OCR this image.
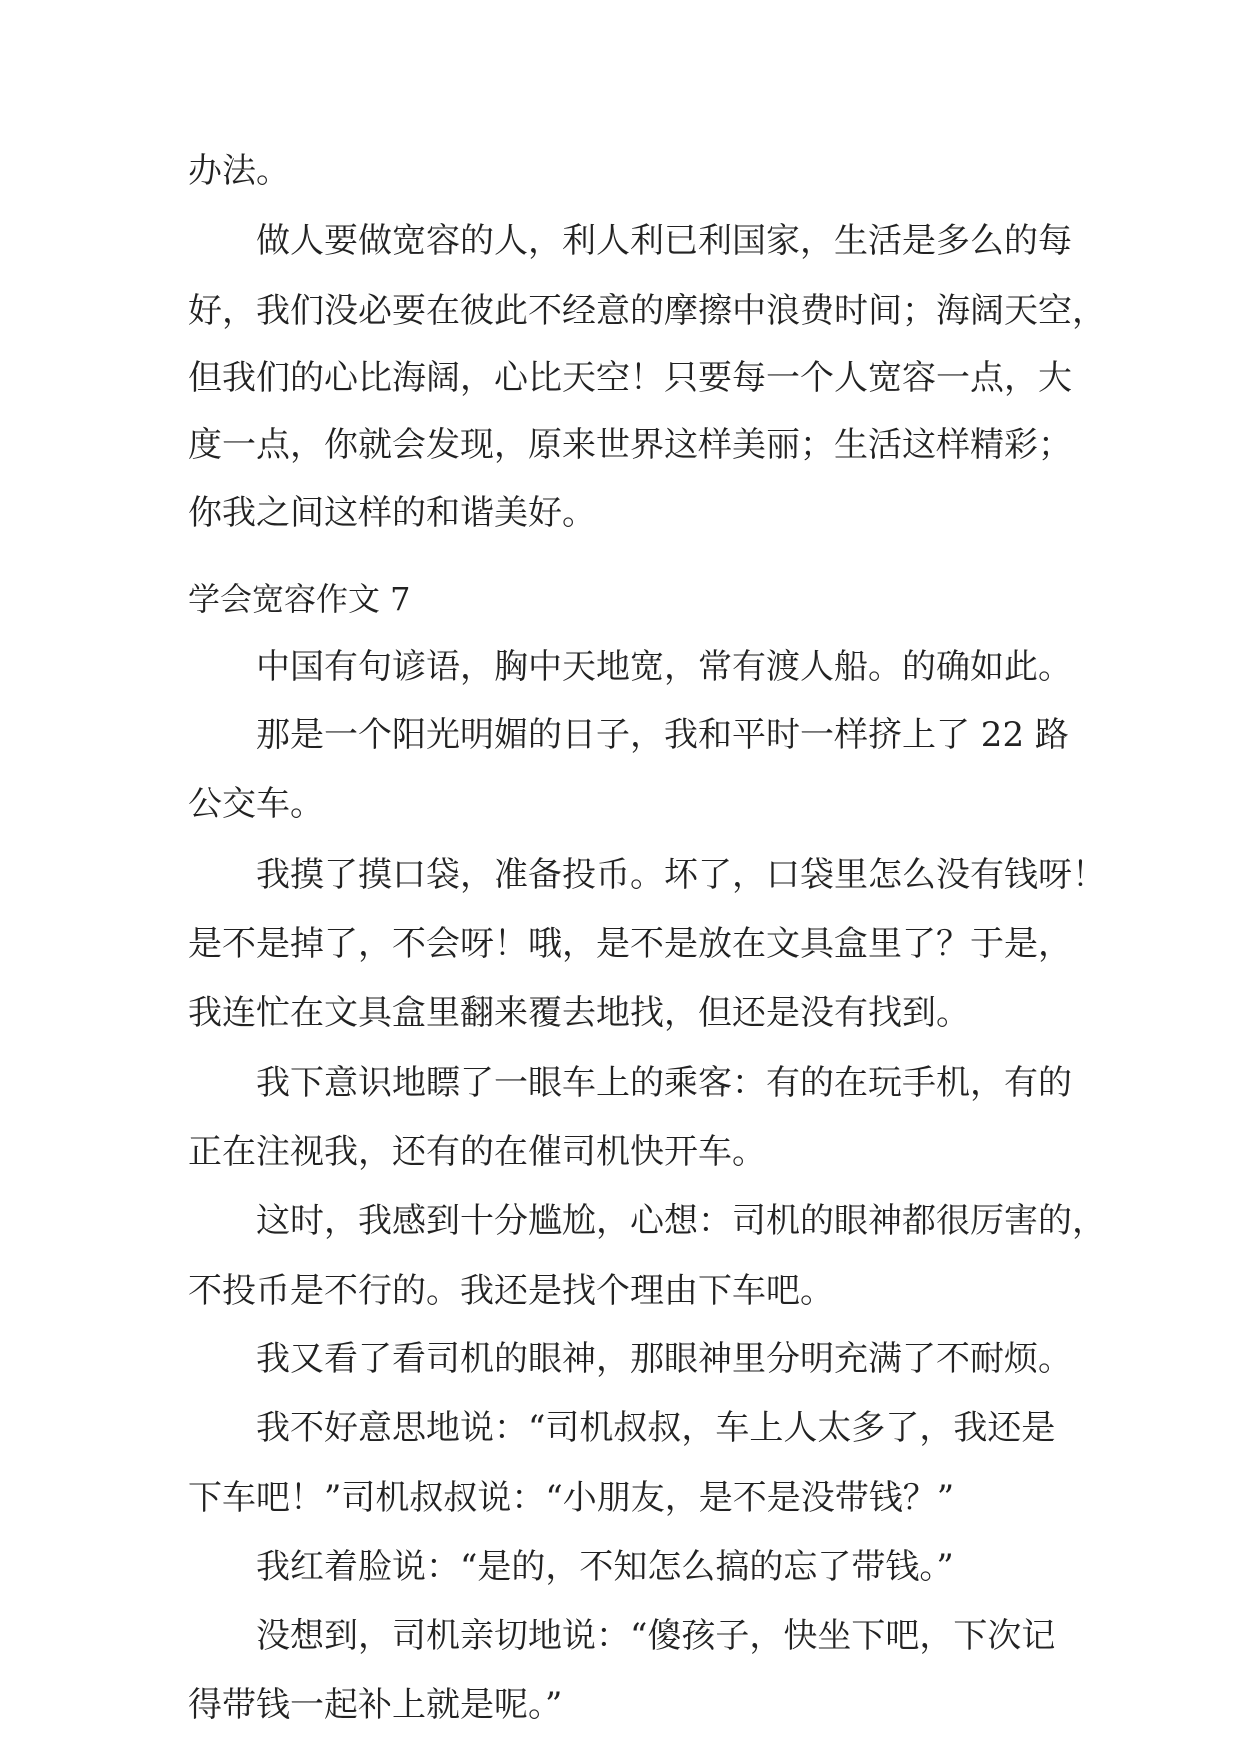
办法。
做人要做宽容的人，利人利已利国家，生活是多么的每
好，我们没必要在彼此不经意的摩擦中浪费时间；海阔天空，
但我们的心比海阔，心比天空！只要每一个人宽容一点，大
度一点，你就会发现，原来世界这样美丽；生活这样精彩；
你我之间这样的和谐美好。
学会宽容作文 7
中国有句谚语，胸中天地宽，常有渡人船。的确如此。
那是一个阳光明媚的日子，我和平时一样挤上了 22 路
公交车。
我摸了摸口袋，准备投币。坏了，口袋里怎么没有钱呀！
是不是掉了，不会呀！哦，是不是放在文具盒里了？于是，
我连忙在文具盒里翻来覆去地找，但还是没有找到。
我下意识地瞟了一眼车上的乘客：有的在玩手机，有的
正在注视我，还有的在催司机快开车。
这时，我感到十分尴尬，心想：司机的眼神都很厉害的，
不投币是不行的。我还是找个理由下车吧。
我又看了看司机的眼神，那眼神里分明充满了不耐烦。
我不好意思地说：“司机叔叔，车上人太多了，我还是
下车吧！”司机叔叔说：“小朋友，是不是没带钱？”
我红着脸说：“是的，不知怎么搞的忘了带钱。”
没想到，司机亲切地说：“傻孩子，快坐下吧，下次记
得带钱一起补上就是呢。”
